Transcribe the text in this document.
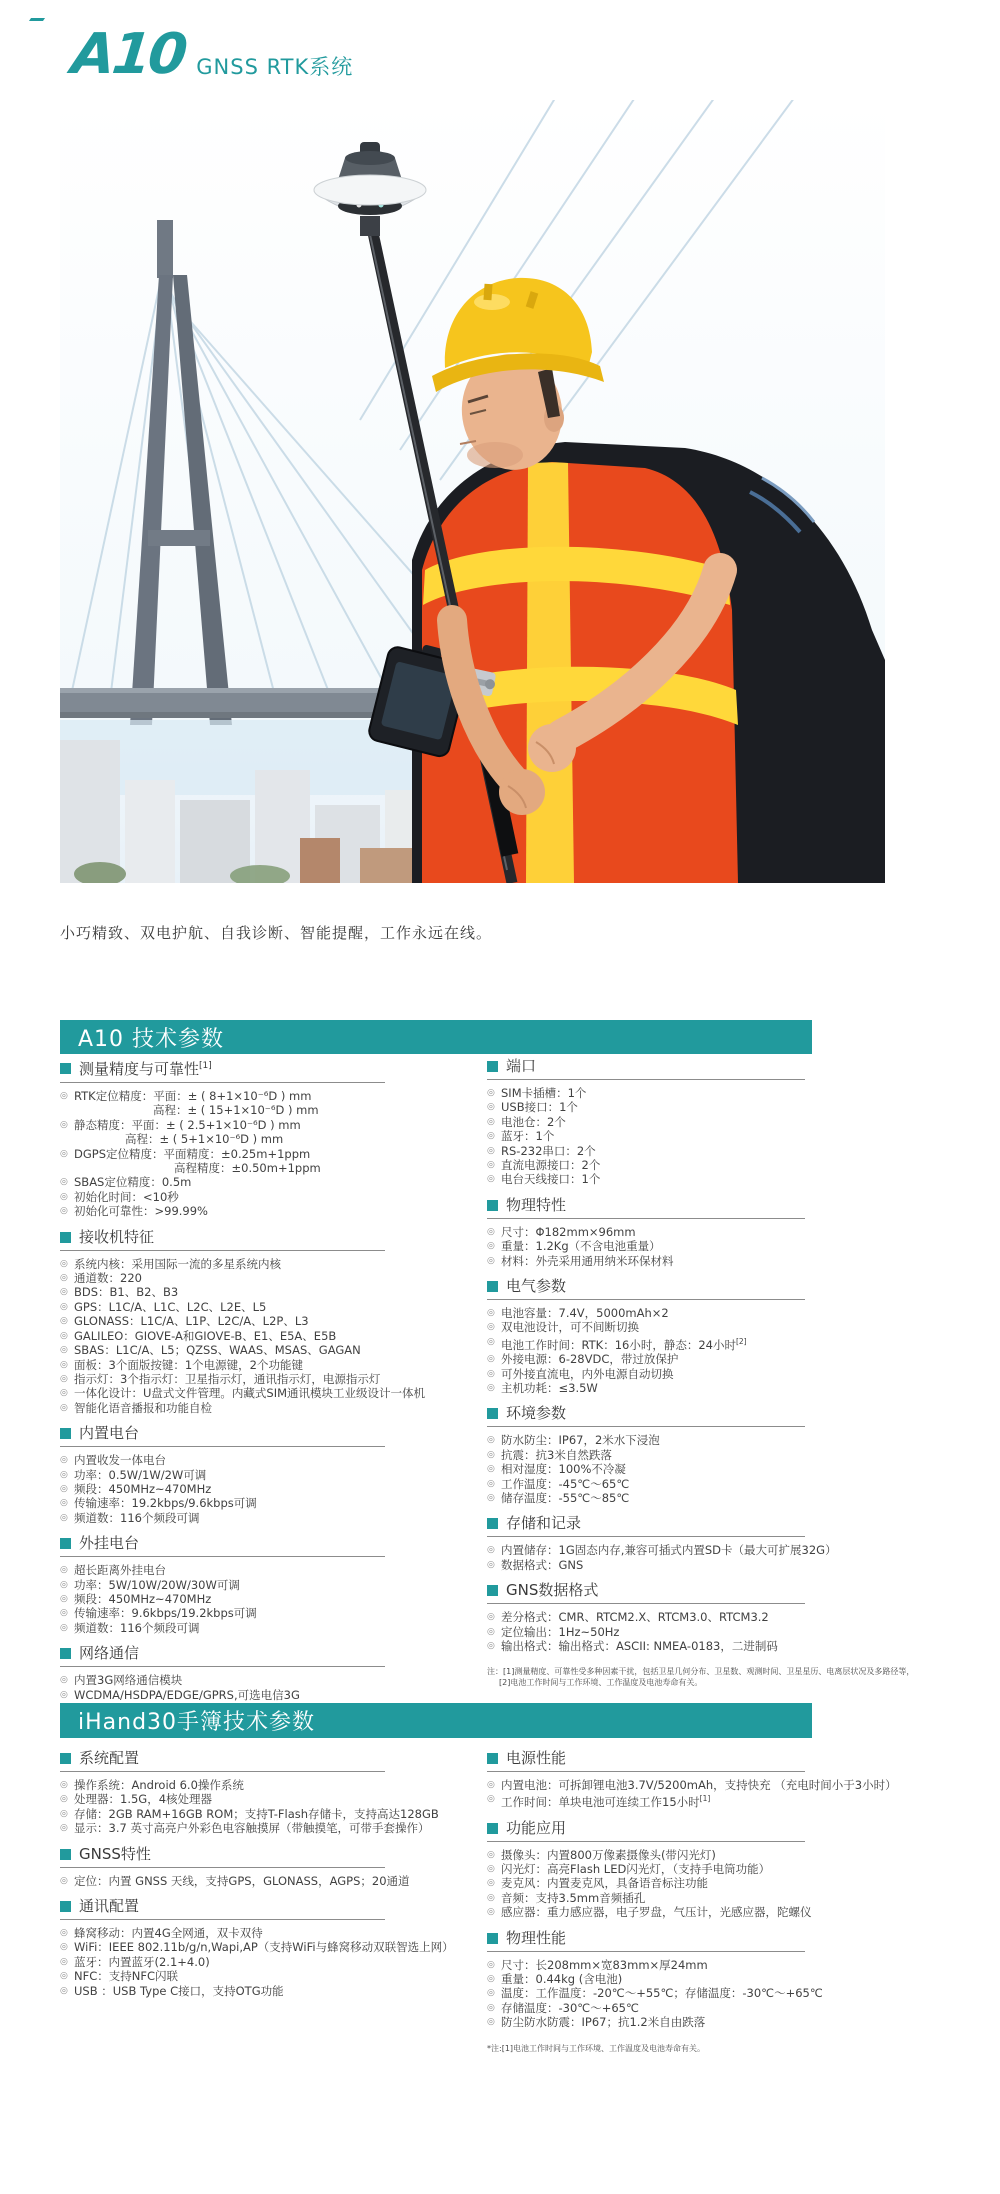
A10 GNSS RTK系统
小巧精致、双电护航、自我诊断、智能提醒，工作永远在线。
A10 技术参数
测量精度与可靠性[1]
◎ RTK定位精度：平面：± ( 8+1×10⁻⁶D ) mm
高程：± ( 15+1×10⁻⁶D ) mm
◎ 静态精度：平面：± ( 2.5+1×10⁻⁶D ) mm
高程：± ( 5+1×10⁻⁶D ) mm
◎ DGPS定位精度：平面精度：±0.25m+1ppm
高程精度：±0.50m+1ppm
◎ SBAS定位精度：0.5m
◎ 初始化时间：<10秒
◎ 初始化可靠性：>99.99%
接收机特征
◎ 系统内核：采用国际一流的多星系统内核
◎ 通道数：220
◎ BDS：B1、B2、B3
◎ GPS：L1C/A、L1C、L2C、L2E、L5
◎ GLONASS：L1C/A、L1P、L2C/A、L2P、L3
◎ GALILEO：GIOVE-A和GIOVE-B、E1、E5A、E5B
◎ SBAS：L1C/A、L5；QZSS、WAAS、MSAS、GAGAN
◎ 面板：3个面版按键：1个电源键，2个功能键
◎ 指示灯：3个指示灯：卫星指示灯，通讯指示灯，电源指示灯
◎ 一体化设计：U盘式文件管理。内藏式SIM通讯模块工业级设计一体机
◎ 智能化语音播报和功能自检
内置电台
◎ 内置收发一体电台
◎ 功率：0.5W/1W/2W可调
◎ 频段：450MHz~470MHz
◎ 传输速率：19.2kbps/9.6kbps可调
◎ 频道数：116个频段可调
外挂电台
◎ 超长距离外挂电台
◎ 功率：5W/10W/20W/30W可调
◎ 频段：450MHz~470MHz
◎ 传输速率：9.6kbps/19.2kbps可调
◎ 频道数：116个频段可调
网络通信
◎ 内置3G网络通信模块
◎ WCDMA/HSDPA/EDGE/GPRS,可选电信3G
端口
◎ SIM卡插槽：1个
◎ USB接口：1个
◎ 电池仓：2个
◎ 蓝牙：1个
◎ RS-232串口：2个
◎ 直流电源接口：2个
◎ 电台天线接口：1个
物理特性
◎ 尺寸：Φ182mm×96mm
◎ 重量：1.2Kg（不含电池重量）
◎ 材料：外壳采用通用纳米环保材料
电气参数
◎ 电池容量：7.4V，5000mAh×2
◎ 双电池设计，可不间断切换
◎ 电池工作时间：RTK：16小时，静态：24小时[2]
◎ 外接电源：6-28VDC，带过放保护
◎ 可外接直流电，内外电源自动切换
◎ 主机功耗：≤3.5W
环境参数
◎ 防水防尘：IP67，2米水下浸泡
◎ 抗震：抗3米自然跌落
◎ 相对湿度：100%不冷凝
◎ 工作温度：-45℃～65℃
◎ 储存温度：-55℃～85℃
存储和记录
◎ 内置储存：1G固态内存,兼容可插式内置SD卡（最大可扩展32G）
◎ 数据格式：GNS
GNS数据格式
◎ 差分格式：CMR、RTCM2.X、RTCM3.0、RTCM3.2
◎ 定位输出：1Hz~50Hz
◎ 输出格式：输出格式：ASCII: NMEA-0183，二进制码
注：[1]测量精度、可靠性受多种因素干扰，包括卫星几何分布、卫星数、观测时间、卫星星历、电离层状况及多路径等，
[2]电池工作时间与工作环境、工作温度及电池寿命有关。
iHand30手簿技术参数
系统配置
◎ 操作系统：Android 6.0操作系统
◎ 处理器：1.5G，4核处理器
◎ 存储：2GB RAM+16GB ROM；支持T-Flash存储卡，支持高达128GB
◎ 显示：3.7 英寸高亮户外彩色电容触摸屏（带触摸笔，可带手套操作）
GNSS特性
◎ 定位：内置 GNSS 天线，支持GPS，GLONASS，AGPS；20通道
通讯配置
◎ 蜂窝移动：内置4G全网通，双卡双待
◎ WiFi：IEEE 802.11b/g/n,Wapi,AP（支持WiFi与蜂窝移动双联智选上网）
◎ 蓝牙：内置蓝牙(2.1+4.0)
◎ NFC：支持NFC闪联
◎ USB ：USB Type C接口，支持OTG功能
电源性能
◎ 内置电池：可拆卸锂电池3.7V/5200mAh，支持快充 （充电时间小于3小时）
◎ 工作时间：单块电池可连续工作15小时[1]
功能应用
◎ 摄像头：内置800万像素摄像头(带闪光灯)
◎ 闪光灯：高亮Flash LED闪光灯，（支持手电筒功能）
◎ 麦克风：内置麦克风，具备语音标注功能
◎ 音频：支持3.5mm音频插孔
◎ 感应器：重力感应器，电子罗盘，气压计，光感应器，陀螺仪
物理性能
◎ 尺寸：长208mm×宽83mm×厚24mm
◎ 重量：0.44kg (含电池)
◎ 温度：工作温度：-20℃～+55℃；存储温度：-30℃～+65℃
◎ 存储温度：-30℃～+65℃
◎ 防尘防水防震：IP67；抗1.2米自由跌落
*注:[1]电池工作时间与工作环境、工作温度及电池寿命有关。
